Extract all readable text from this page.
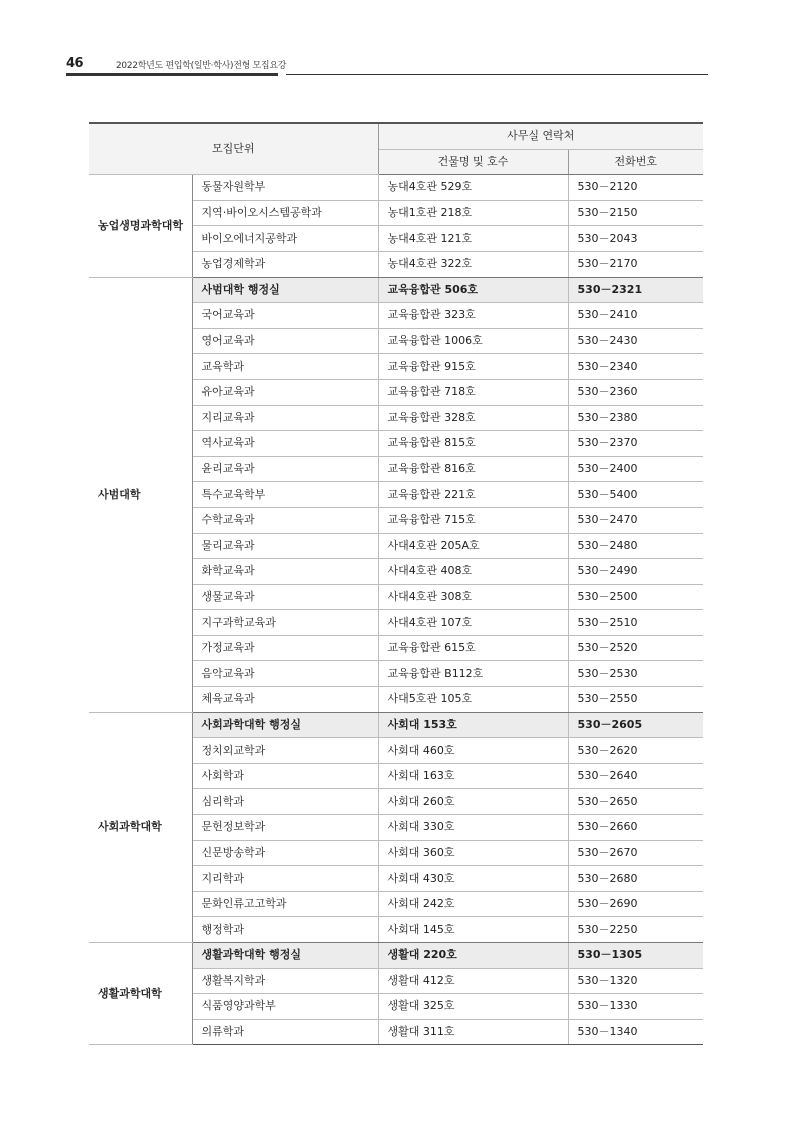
46	2022학년도 편입학(일반·학사)전형 모집요강
모집단위		사무실 연락처	
		건물명 및 호수	전화번호
농업생명과학대학	동물자원학부	농대4호관 529호	530－2120
	지역·바이오시스템공학과	농대1호관 218호	530－2150
	바이오에너지공학과	농대4호관 121호	530－2043
	농업경제학과	농대4호관 322호	530－2170
사범대학	사범대학 행정실	교육융합관 506호	530－2321
	국어교육과	교육융합관 323호	530－2410
	영어교육과	교육융합관 1006호	530－2430
	교육학과	교육융합관 915호	530－2340
	유아교육과	교육융합관 718호	530－2360
	지리교육과	교육융합관 328호	530－2380
	역사교육과	교육융합관 815호	530－2370
	윤리교육과	교육융합관 816호	530－2400
	특수교육학부	교육융합관 221호	530－5400
	수학교육과	교육융합관 715호	530－2470
	물리교육과	사대4호관 205A호	530－2480
	화학교육과	사대4호관 408호	530－2490
	생물교육과	사대4호관 308호	530－2500
	지구과학교육과	사대4호관 107호	530－2510
	가정교육과	교육융합관 615호	530－2520
	음악교육과	교육융합관 B112호	530－2530
	체육교육과	사대5호관 105호	530－2550
사회과학대학	사회과학대학 행정실	사회대 153호	530－2605
	정치외교학과	사회대 460호	530－2620
	사회학과	사회대 163호	530－2640
	심리학과	사회대 260호	530－2650
	문헌정보학과	사회대 330호	530－2660
	신문방송학과	사회대 360호	530－2670
	지리학과	사회대 430호	530－2680
	문화인류고고학과	사회대 242호	530－2690
	행정학과	사회대 145호	530－2250
생활과학대학	생활과학대학 행정실	생활대 220호	530－1305
	생활복지학과	생활대 412호	530－1320
	식품영양과학부	생활대 325호	530－1330
	의류학과	생활대 311호	530－1340
